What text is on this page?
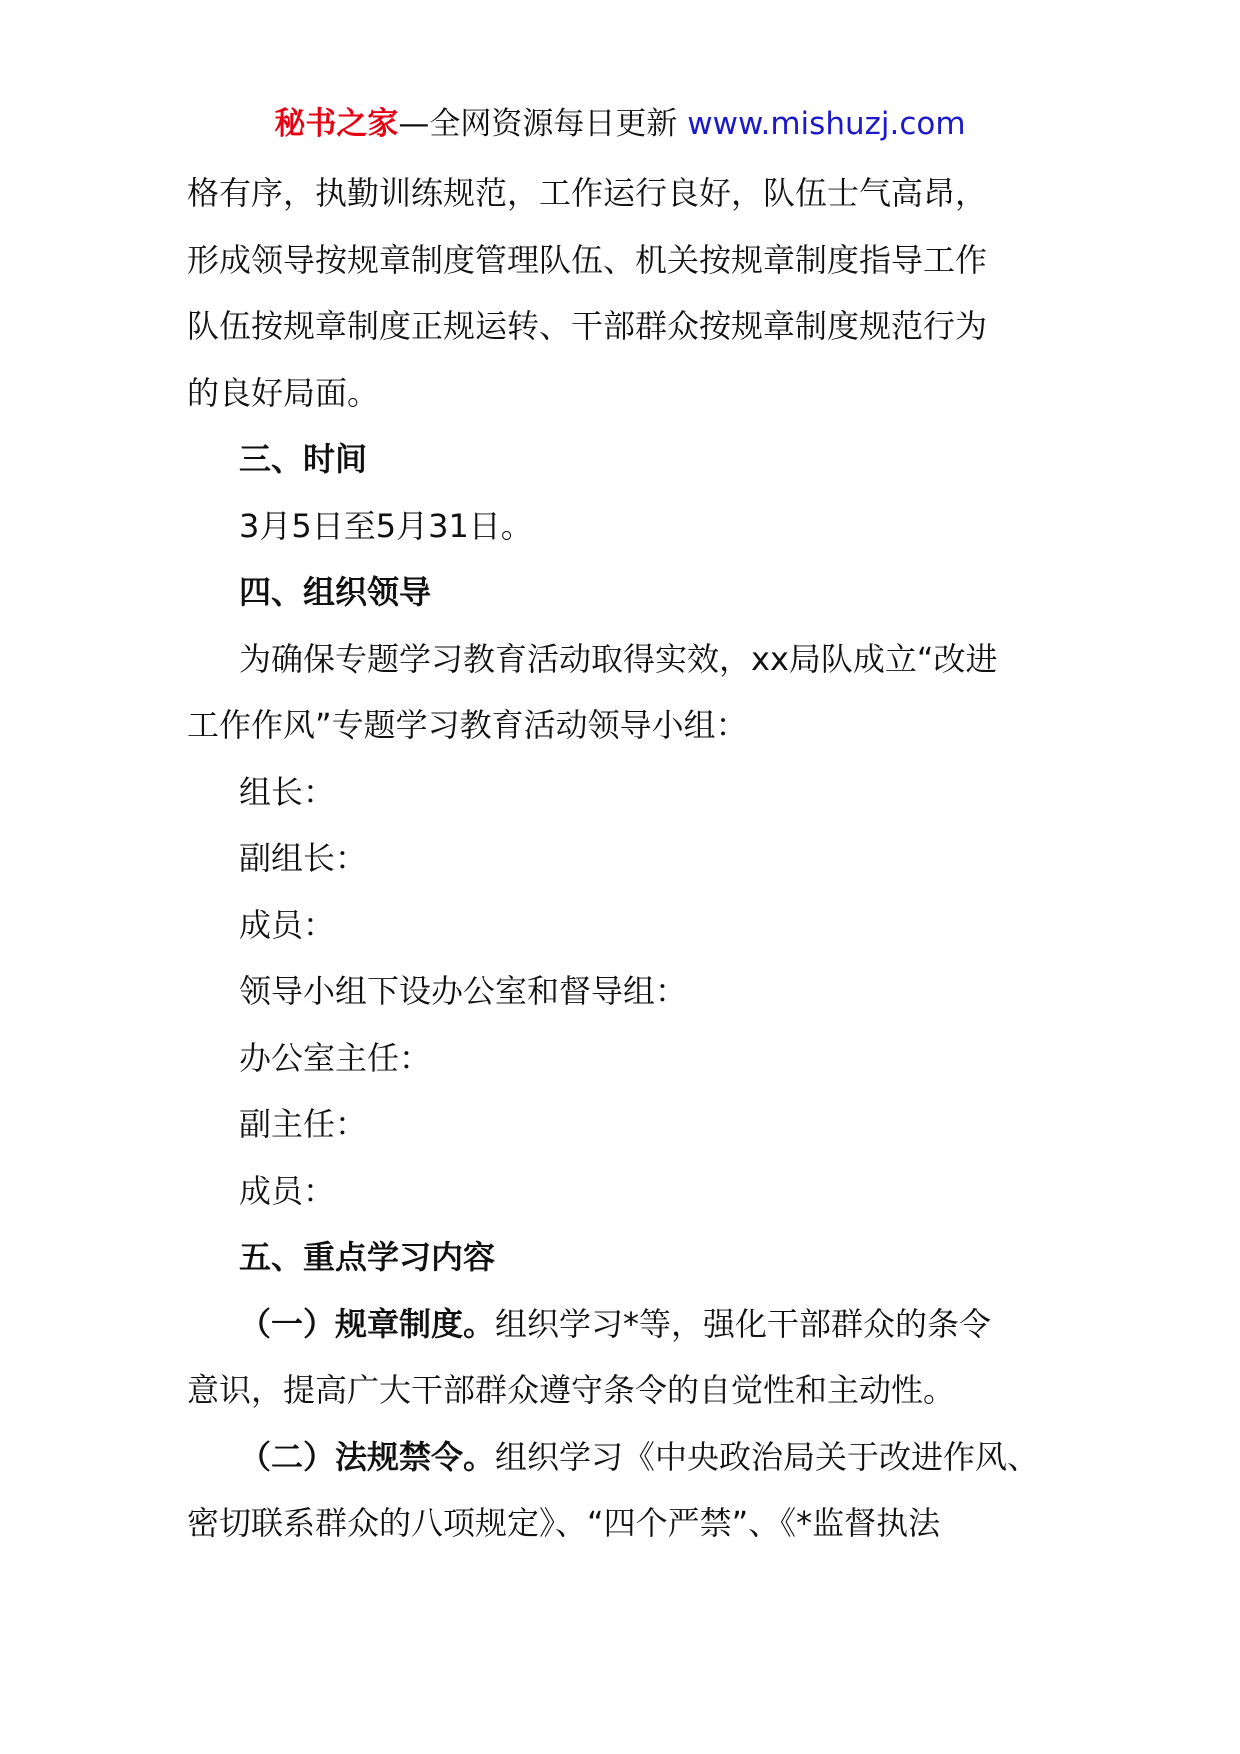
秘书之家—全网资源每日更新 www.mishuzj.com
格有序，执勤训练规范，工作运行良好，队伍士气高昂，
形成领导按规章制度管理队伍、机关按规章制度指导工作
队伍按规章制度正规运转、干部群众按规章制度规范行为
的良好局面。
三、时间
3月5日至5月31日。
四、组织领导
为确保专题学习教育活动取得实效，xx局队成立“改进
工作作风”专题学习教育活动领导小组：
组长：
副组长：
成员：
领导小组下设办公室和督导组：
办公室主任：
副主任：
成员：
五、重点学习内容
（一）规章制度。组织学习*等，强化干部群众的条令
意识，提高广大干部群众遵守条令的自觉性和主动性。
（二）法规禁令。组织学习《中央政治局关于改进作风、
密切联系群众的八项规定》、“四个严禁”、《*监督执法
